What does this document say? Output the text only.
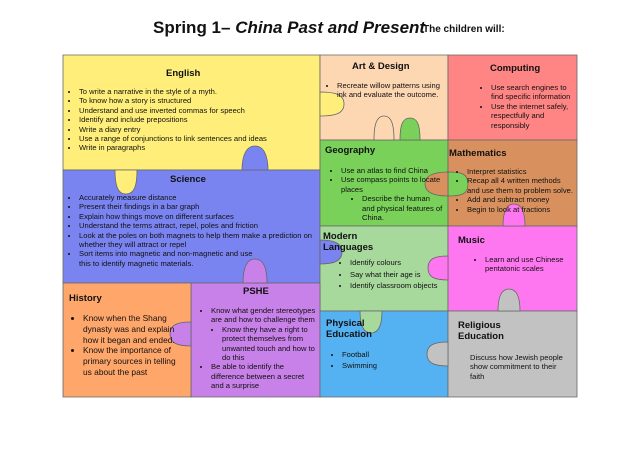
Spring 1– China Past and Present
The children will:
English
• To write a narrative in the style of a myth.
• To know how a story is structured
• Understand and use inverted commas for speech
• Identify and include prepositions
• Write a diary entry
• Use a range of conjunctions to link sentences and ideas
• Write in paragraphs
Art & Design
• Recreate willow patterns using ink and evaluate the outcome.
Computing
• Use search engines to find specific information
• Use the internet safely, respectfully and responsibly
Geography
• Use an atlas to find China
• Use compass points to locate places
• Describe the human and physical features of China.
Mathematics
• Interpret statistics
• Recap all 4 written methods and use them to problem solve.
• Add and subtract money
• Begin to look at fractions
Science
• Accurately measure distance
• Present their findings in a bar graph
• Explain how things move on different surfaces
• Understand the terms attract, repel, poles and friction
• Look at the poles on both magnets to help them make a prediction on whether they will attract or repel
• Sort items into magnetic and non-magnetic and use this to identify magnetic materials.
Modern
Languages
• Identify colours
• Say what their age is
• Identify classroom objects
Music
• Learn and use Chinese pentatonic scales
PSHE
• Know what gender stereotypes are and how to challenge them
• Know they have a right to protect themselves from unwanted touch and how to do this
• Be able to identify the difference between a secret and a surprise
History
• Know when the Shang dynasty was and explain how it began and ended.
• Know the importance of primary sources in telling us about the past
Physical
Education
• Football
• Swimming
Religious
Education
Discuss how Jewish people show commitment to their faith
